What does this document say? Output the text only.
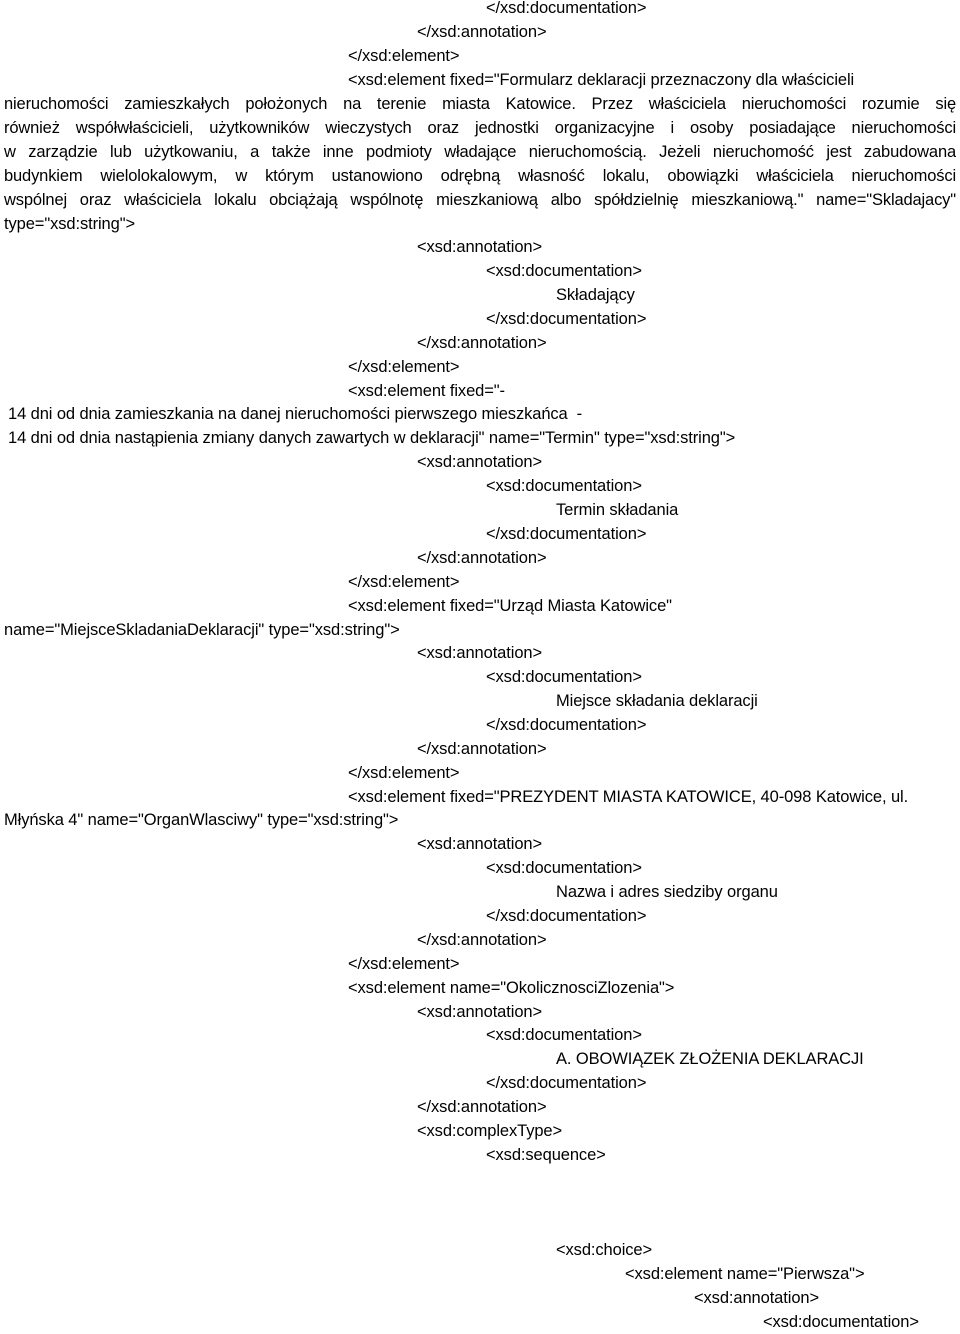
</xsd:documentation>
</xsd:annotation>
</xsd:element>
<xsd:element fixed="Formularz deklaracji przeznaczony dla właścicieli
nieruchomości zamieszkałych położonych na terenie miasta Katowice. Przez właściciela nieruchomości rozumie się
również współwłaścicieli, użytkowników wieczystych oraz jednostki organizacyjne i osoby posiadające nieruchomości
w zarządzie lub użytkowaniu, a także inne podmioty władające nieruchomością. Jeżeli nieruchomość jest zabudowana
budynkiem wielolokalowym, w którym ustanowiono odrębną własność lokalu, obowiązki właściciela nieruchomości
wspólnej oraz właściciela lokalu obciążają wspólnotę mieszkaniową albo spółdzielnię mieszkaniową." name="Skladajacy"
type="xsd:string">
<xsd:annotation>
<xsd:documentation>
Składający
</xsd:documentation>
</xsd:annotation>
</xsd:element>
<xsd:element fixed="-
14 dni od dnia zamieszkania na danej nieruchomości pierwszego mieszkańca  -
14 dni od dnia nastąpienia zmiany danych zawartych w deklaracji" name="Termin" type="xsd:string">
<xsd:annotation>
<xsd:documentation>
Termin składania
</xsd:documentation>
</xsd:annotation>
</xsd:element>
<xsd:element fixed="Urząd Miasta Katowice"
name="MiejsceSkladaniaDeklaracji" type="xsd:string">
<xsd:annotation>
<xsd:documentation>
Miejsce składania deklaracji
</xsd:documentation>
</xsd:annotation>
</xsd:element>
<xsd:element fixed="PREZYDENT MIASTA KATOWICE, 40-098 Katowice, ul.
Młyńska 4" name="OrganWlasciwy" type="xsd:string">
<xsd:annotation>
<xsd:documentation>
Nazwa i adres siedziby organu
</xsd:documentation>
</xsd:annotation>
</xsd:element>
<xsd:element name="OkolicznosciZlozenia">
<xsd:annotation>
<xsd:documentation>
A. OBOWIĄZEK ZŁOŻENIA DEKLARACJI
</xsd:documentation>
</xsd:annotation>
<xsd:complexType>
<xsd:sequence>
<xsd:choice>
<xsd:element name="Pierwsza">
<xsd:annotation>
<xsd:documentation>
